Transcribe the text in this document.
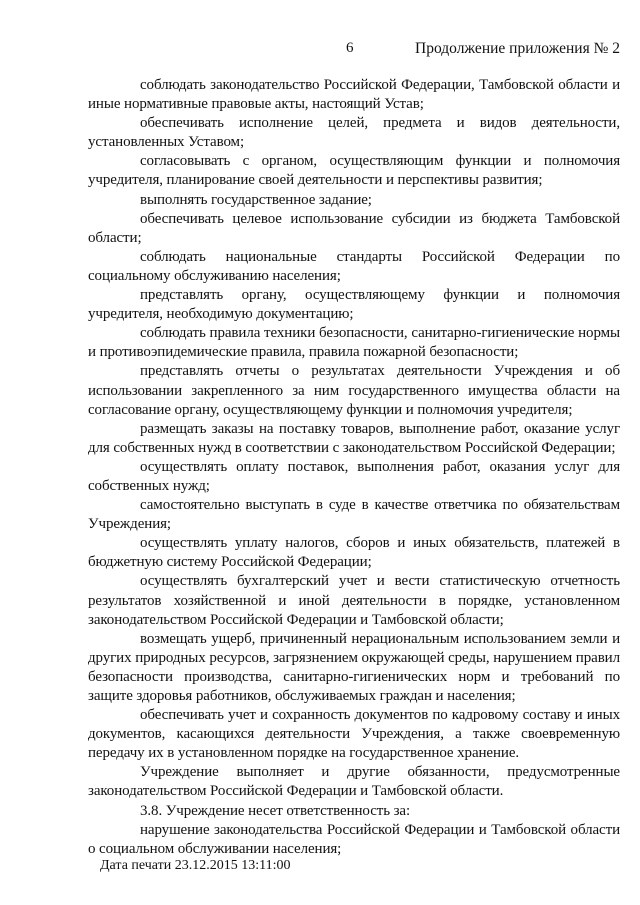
6	Продолжение приложения № 2

соблюдать законодательство Российской Федерации, Тамбовской области и иные нормативные правовые акты, настоящий Устав;

обеспечивать исполнение целей, предмета и видов деятельности, установленных Уставом;

согласовывать с органом, осуществляющим функции и полномочия учредителя, планирование своей деятельности и перспективы развития;

выполнять государственное задание;

обеспечивать целевое использование субсидии из бюджета Тамбовской области;

соблюдать национальные стандарты Российской Федерации по социальному обслуживанию населения;

представлять органу, осуществляющему функции и полномочия учредителя, необходимую документацию;

соблюдать правила техники безопасности, санитарно-гигиенические нормы и противоэпидемические правила, правила пожарной безопасности;

представлять отчеты о результатах деятельности Учреждения и об использовании закрепленного за ним государственного имущества области на согласование органу, осуществляющему функции и полномочия учредителя;

размещать заказы на поставку товаров, выполнение работ, оказание услуг для собственных нужд в соответствии с законодательством Российской Федерации;

осуществлять оплату поставок, выполнения работ, оказания услуг для собственных нужд;

самостоятельно выступать в суде в качестве ответчика по обязательствам Учреждения;

осуществлять уплату налогов, сборов и иных обязательств, платежей в бюджетную систему Российской Федерации;

осуществлять бухгалтерский учет и вести статистическую отчетность результатов хозяйственной и иной деятельности в порядке, установленном законодательством Российской Федерации и Тамбовской области;

возмещать ущерб, причиненный нерациональным использованием земли и других природных ресурсов, загрязнением окружающей среды, нарушением правил безопасности производства, санитарно-гигиенических норм и требований по защите здоровья работников, обслуживаемых граждан и населения;

обеспечивать учет и сохранность документов по кадровому составу и иных документов, касающихся деятельности Учреждения, а также своевременную передачу их в установленном порядке на государственное хранение.

Учреждение выполняет и другие обязанности, предусмотренные законодательством Российской Федерации и Тамбовской области.

3.8. Учреждение несет ответственность за:

нарушение законодательства Российской Федерации и Тамбовской области о социальном обслуживании населения;

Дата печати 23.12.2015 13:11:00
